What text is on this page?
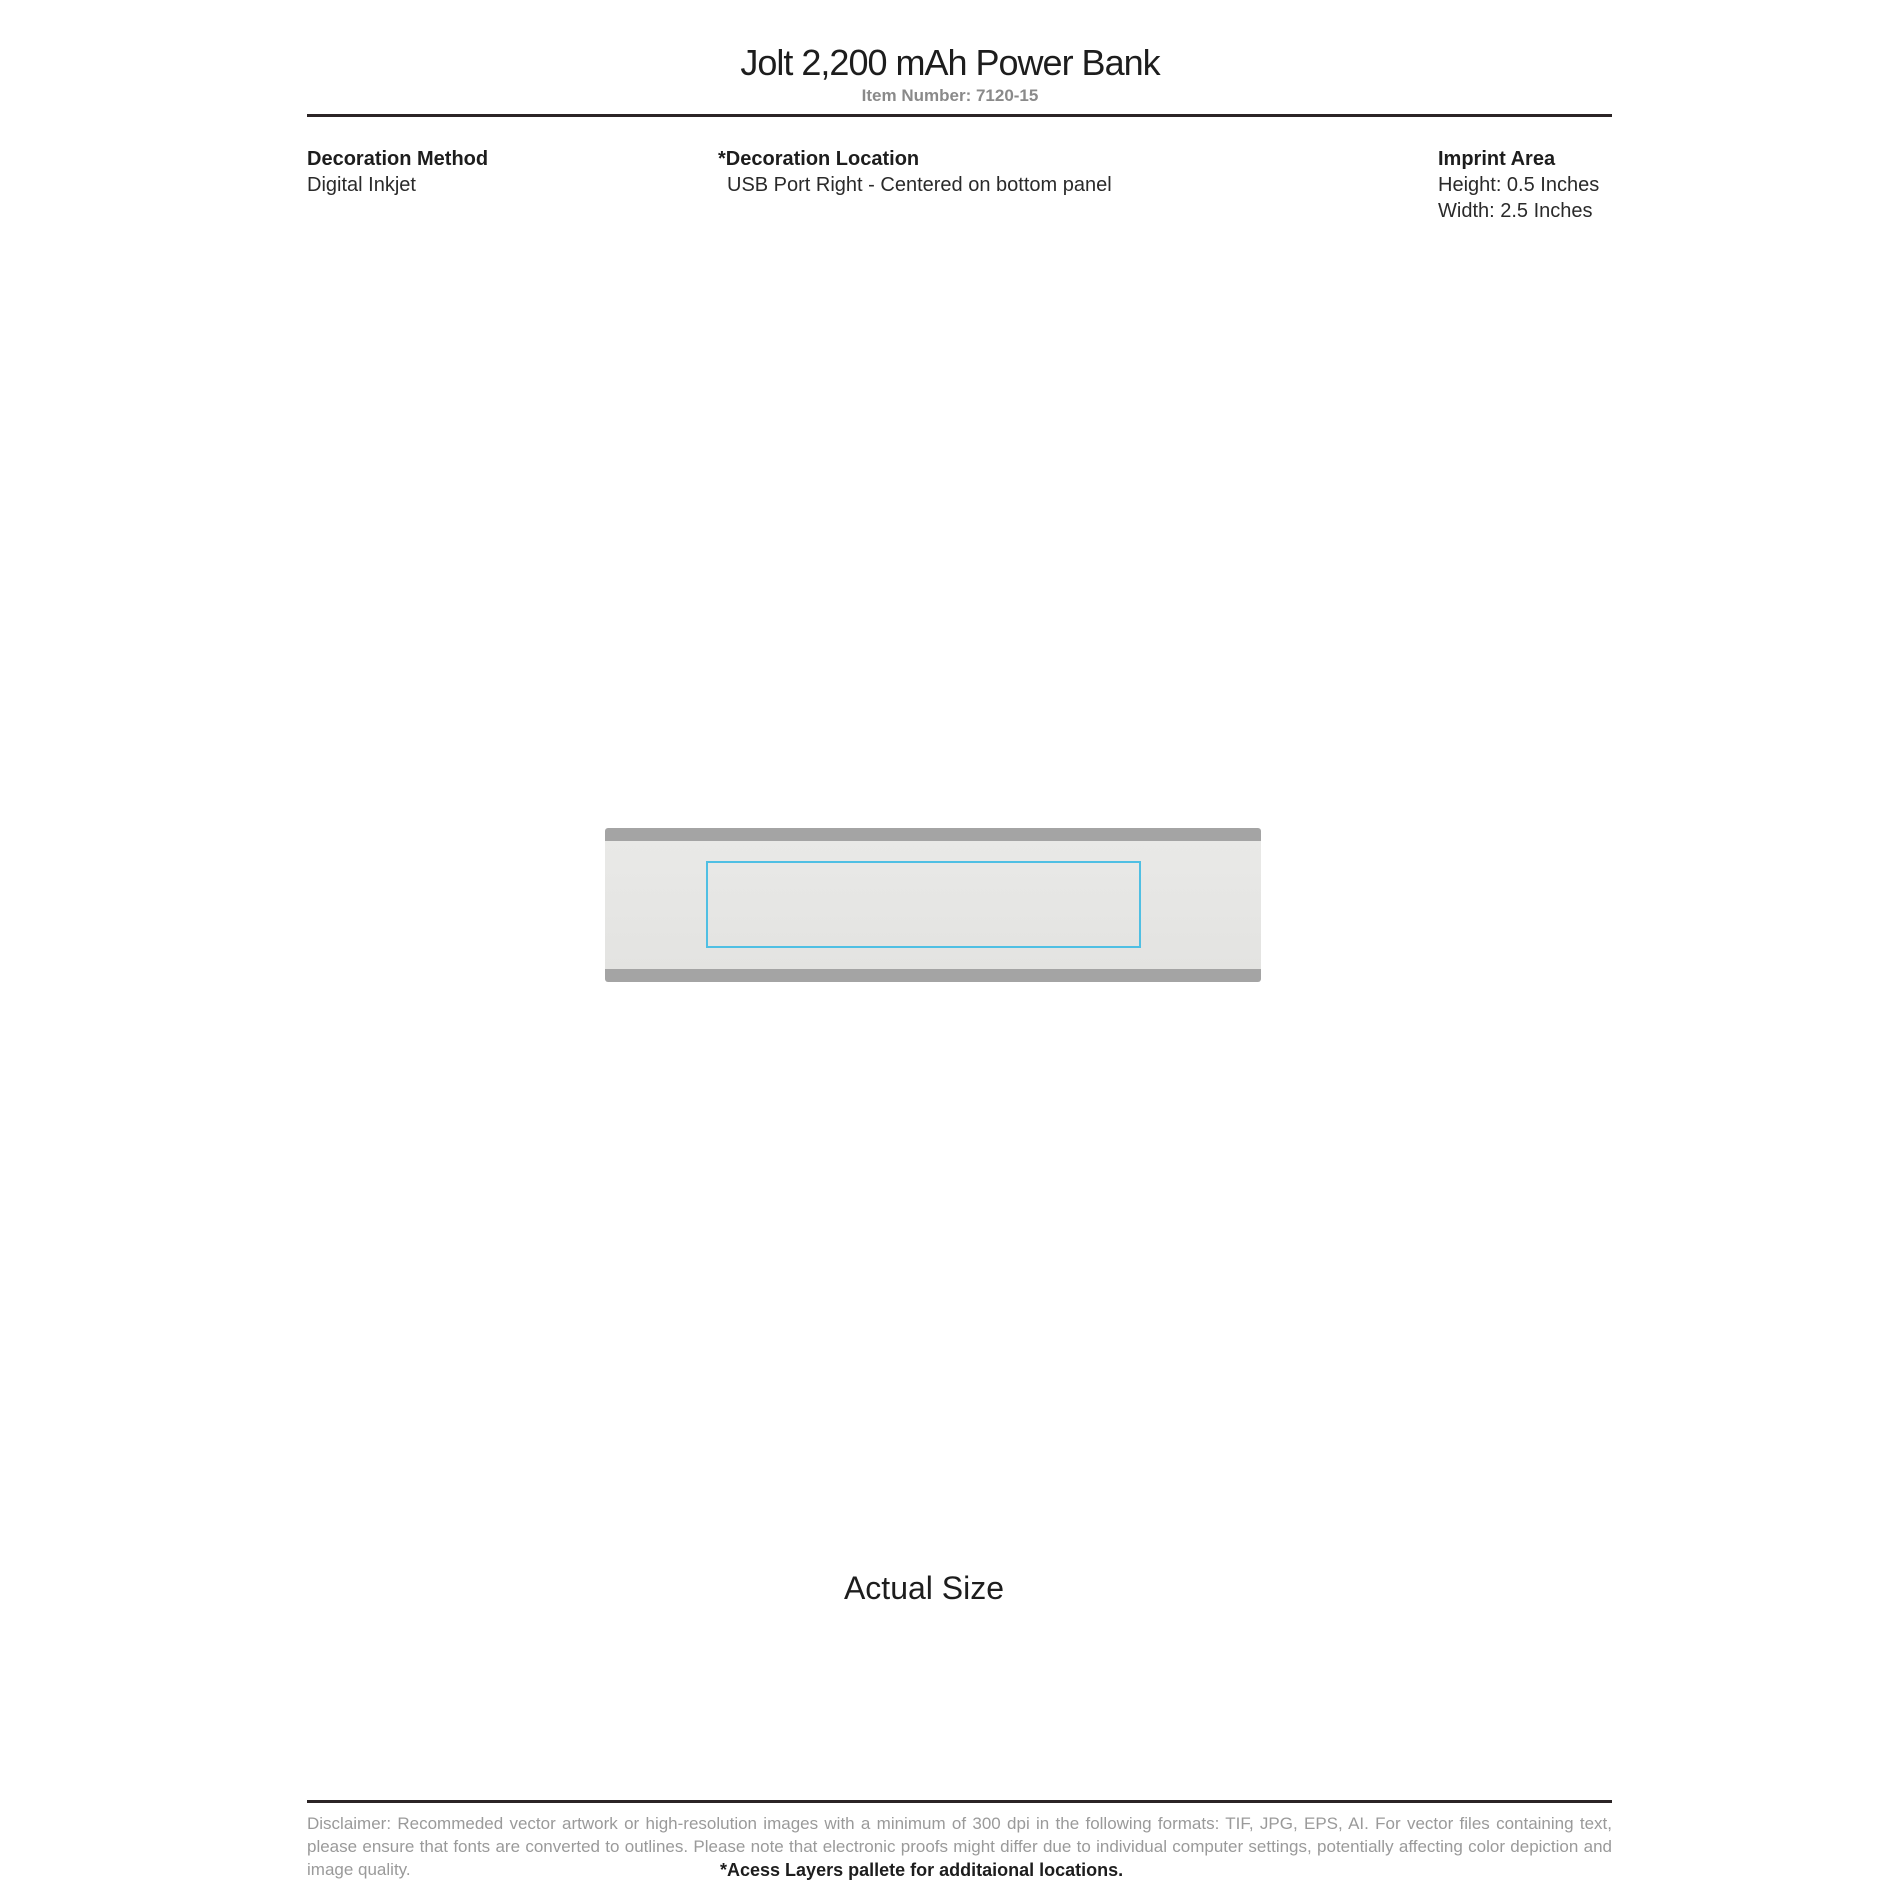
Jolt 2,200 mAh Power Bank
Item Number: 7120-15
Decoration Method
Digital Inkjet
*Decoration Location
USB Port Right - Centered on bottom panel
Imprint Area
Height: 0.5 Inches
Width: 2.5 Inches
Actual Size
Disclaimer: Recommeded vector artwork or high-resolution images with a minimum of 300 dpi in the following formats: TIF, JPG, EPS, AI. For vector files containing text, please ensure that fonts are converted to outlines. Please note that electronic proofs might differ due to individual computer settings, potentially affecting color depiction and image quality.	*Acess Layers pallete for additaional locations.
